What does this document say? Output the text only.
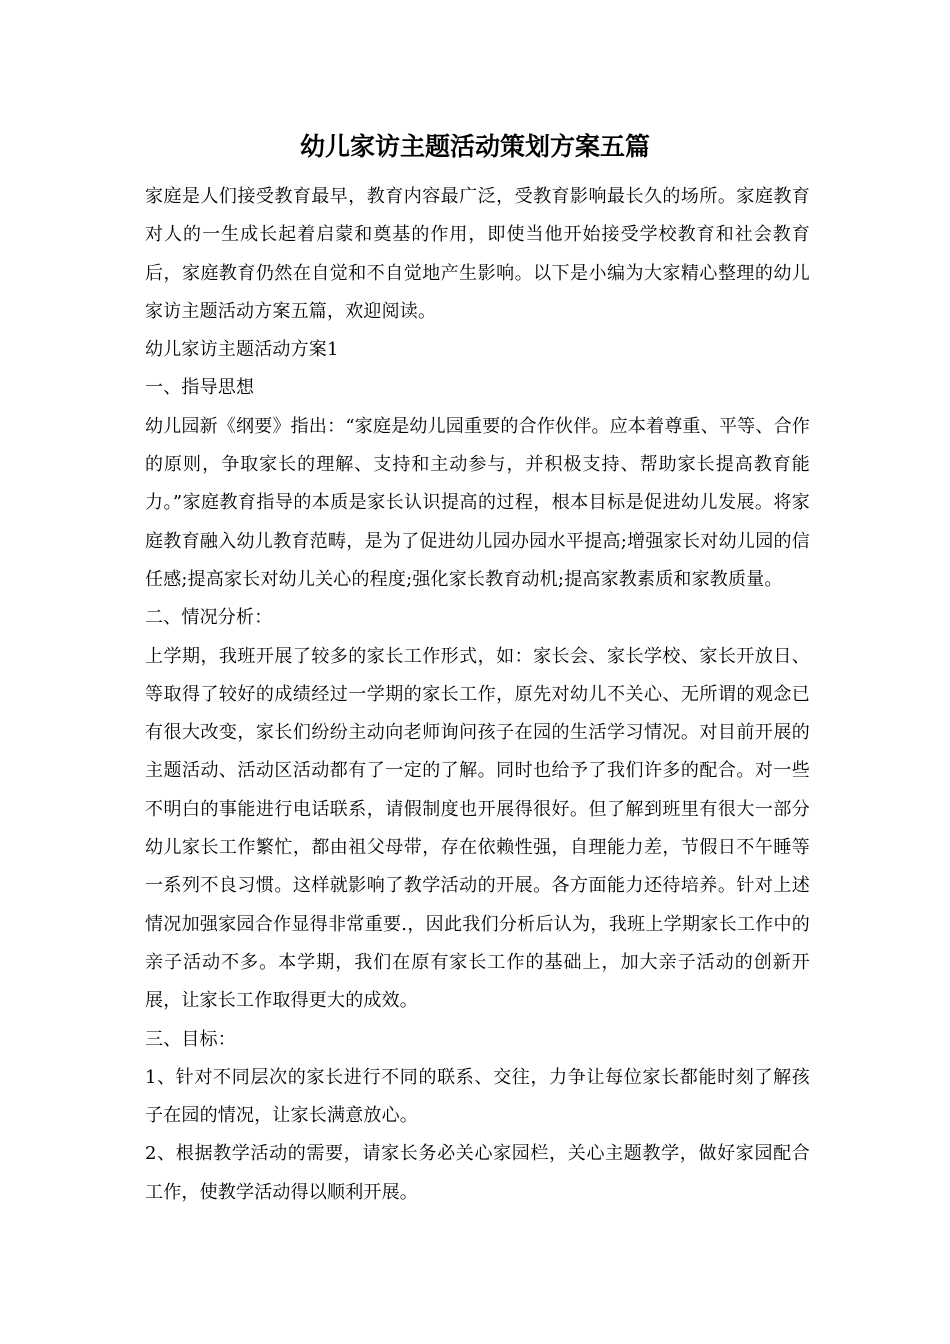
幼儿家访主题活动策划方案五篇

家庭是人们接受教育最早，教育内容最广泛，受教育影响最长久的场所。家庭教育对人的一生成长起着启蒙和奠基的作用，即使当他开始接受学校教育和社会教育后，家庭教育仍然在自觉和不自觉地产生影响。以下是小编为大家精心整理的幼儿家访主题活动方案五篇，欢迎阅读。

幼儿家访主题活动方案1

一、指导思想

幼儿园新《纲要》指出：“家庭是幼儿园重要的合作伙伴。应本着尊重、平等、合作的原则，争取家长的理解、支持和主动参与，并积极支持、帮助家长提高教育能力。”家庭教育指导的本质是家长认识提高的过程，根本目标是促进幼儿发展。将家庭教育融入幼儿教育范畴，是为了促进幼儿园办园水平提高;增强家长对幼儿园的信任感;提高家长对幼儿关心的程度;强化家长教育动机;提高家教素质和家教质量。

二、情况分析：

上学期，我班开展了较多的家长工作形式，如：家长会、家长学校、家长开放日、等取得了较好的成绩经过一学期的家长工作，原先对幼儿不关心、无所谓的观念已有很大改变，家长们纷纷主动向老师询问孩子在园的生活学习情况。对目前开展的主题活动、活动区活动都有了一定的了解。同时也给予了我们许多的配合。对一些不明白的事能进行电话联系，请假制度也开展得很好。但了解到班里有很大一部分幼儿家长工作繁忙，都由祖父母带，存在依赖性强，自理能力差，节假日不午睡等一系列不良习惯。这样就影响了教学活动的开展。各方面能力还待培养。针对上述情况加强家园合作显得非常重要.，因此我们分析后认为，我班上学期家长工作中的亲子活动不多。本学期，我们在原有家长工作的基础上，加大亲子活动的创新开展，让家长工作取得更大的成效。

三、目标：

1、针对不同层次的家长进行不同的联系、交往，力争让每位家长都能时刻了解孩子在园的情况，让家长满意放心。

2、根据教学活动的需要，请家长务必关心家园栏，关心主题教学，做好家园配合工作，使教学活动得以顺利开展。
